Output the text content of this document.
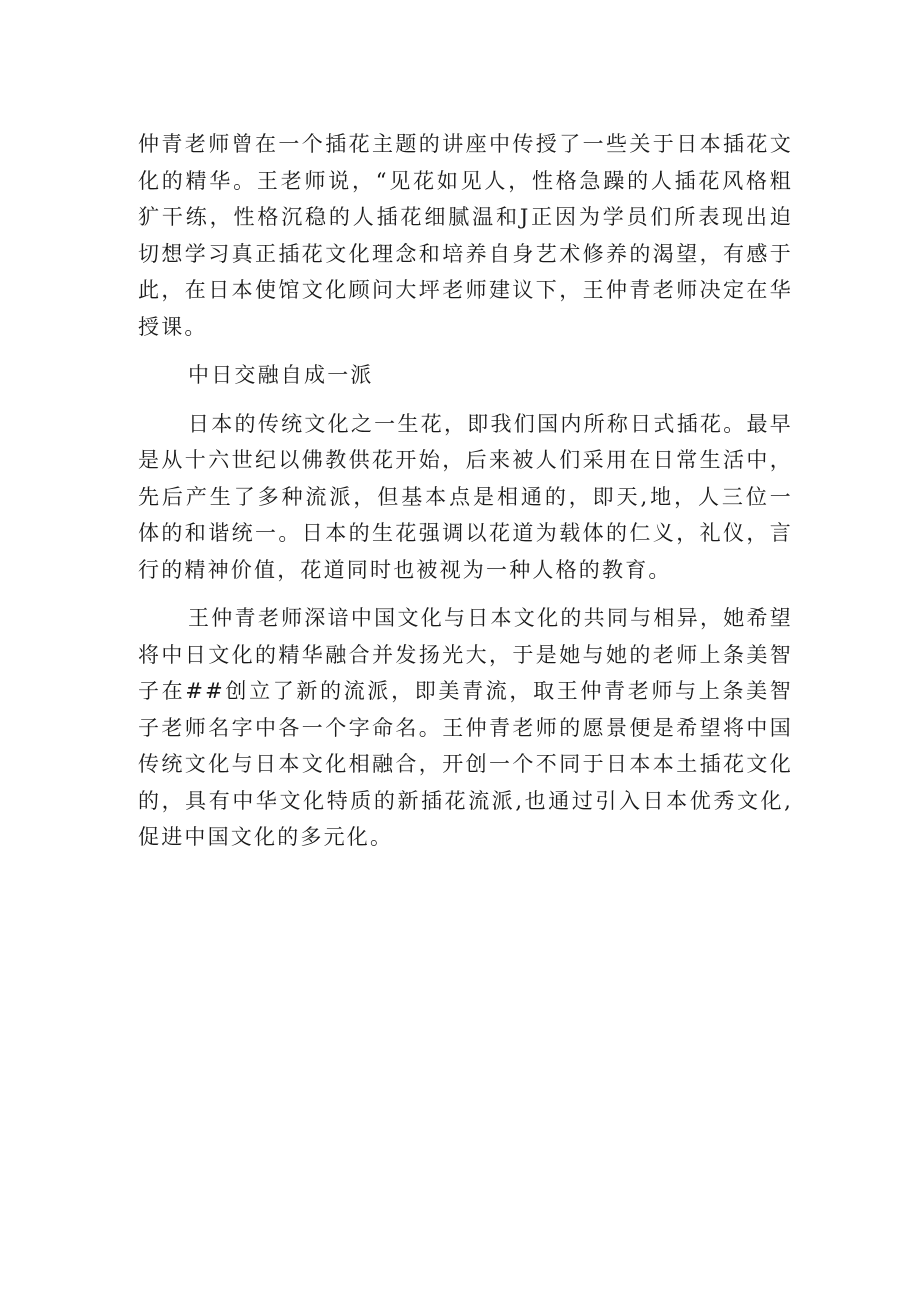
仲青老师曾在一个插花主题的讲座中传授了一些关于日本插花文化的精华。王老师说，“见花如见人，性格急躁的人插花风格粗犷干练，性格沉稳的人插花细腻温和J正因为学员们所表现出迫切想学习真正插花文化理念和培养自身艺术修养的渴望，有感于此，在日本使馆文化顾问大坪老师建议下，王仲青老师决定在华授课。

中日交融自成一派

日本的传统文化之一生花，即我们国内所称日式插花。最早是从十六世纪以佛教供花开始，后来被人们采用在日常生活中，先后产生了多种流派，但基本点是相通的，即天,地，人三位一体的和谐统一。日本的生花强调以花道为载体的仁义，礼仪，言行的精神价值，花道同时也被视为一种人格的教育。

王仲青老师深谙中国文化与日本文化的共同与相异，她希望将中日文化的精华融合并发扬光大，于是她与她的老师上条美智子在##创立了新的流派，即美青流，取王仲青老师与上条美智子老师名字中各一个字命名。王仲青老师的愿景便是希望将中国传统文化与日本文化相融合，开创一个不同于日本本土插花文化的，具有中华文化特质的新插花流派,也通过引入日本优秀文化,促进中国文化的多元化。
